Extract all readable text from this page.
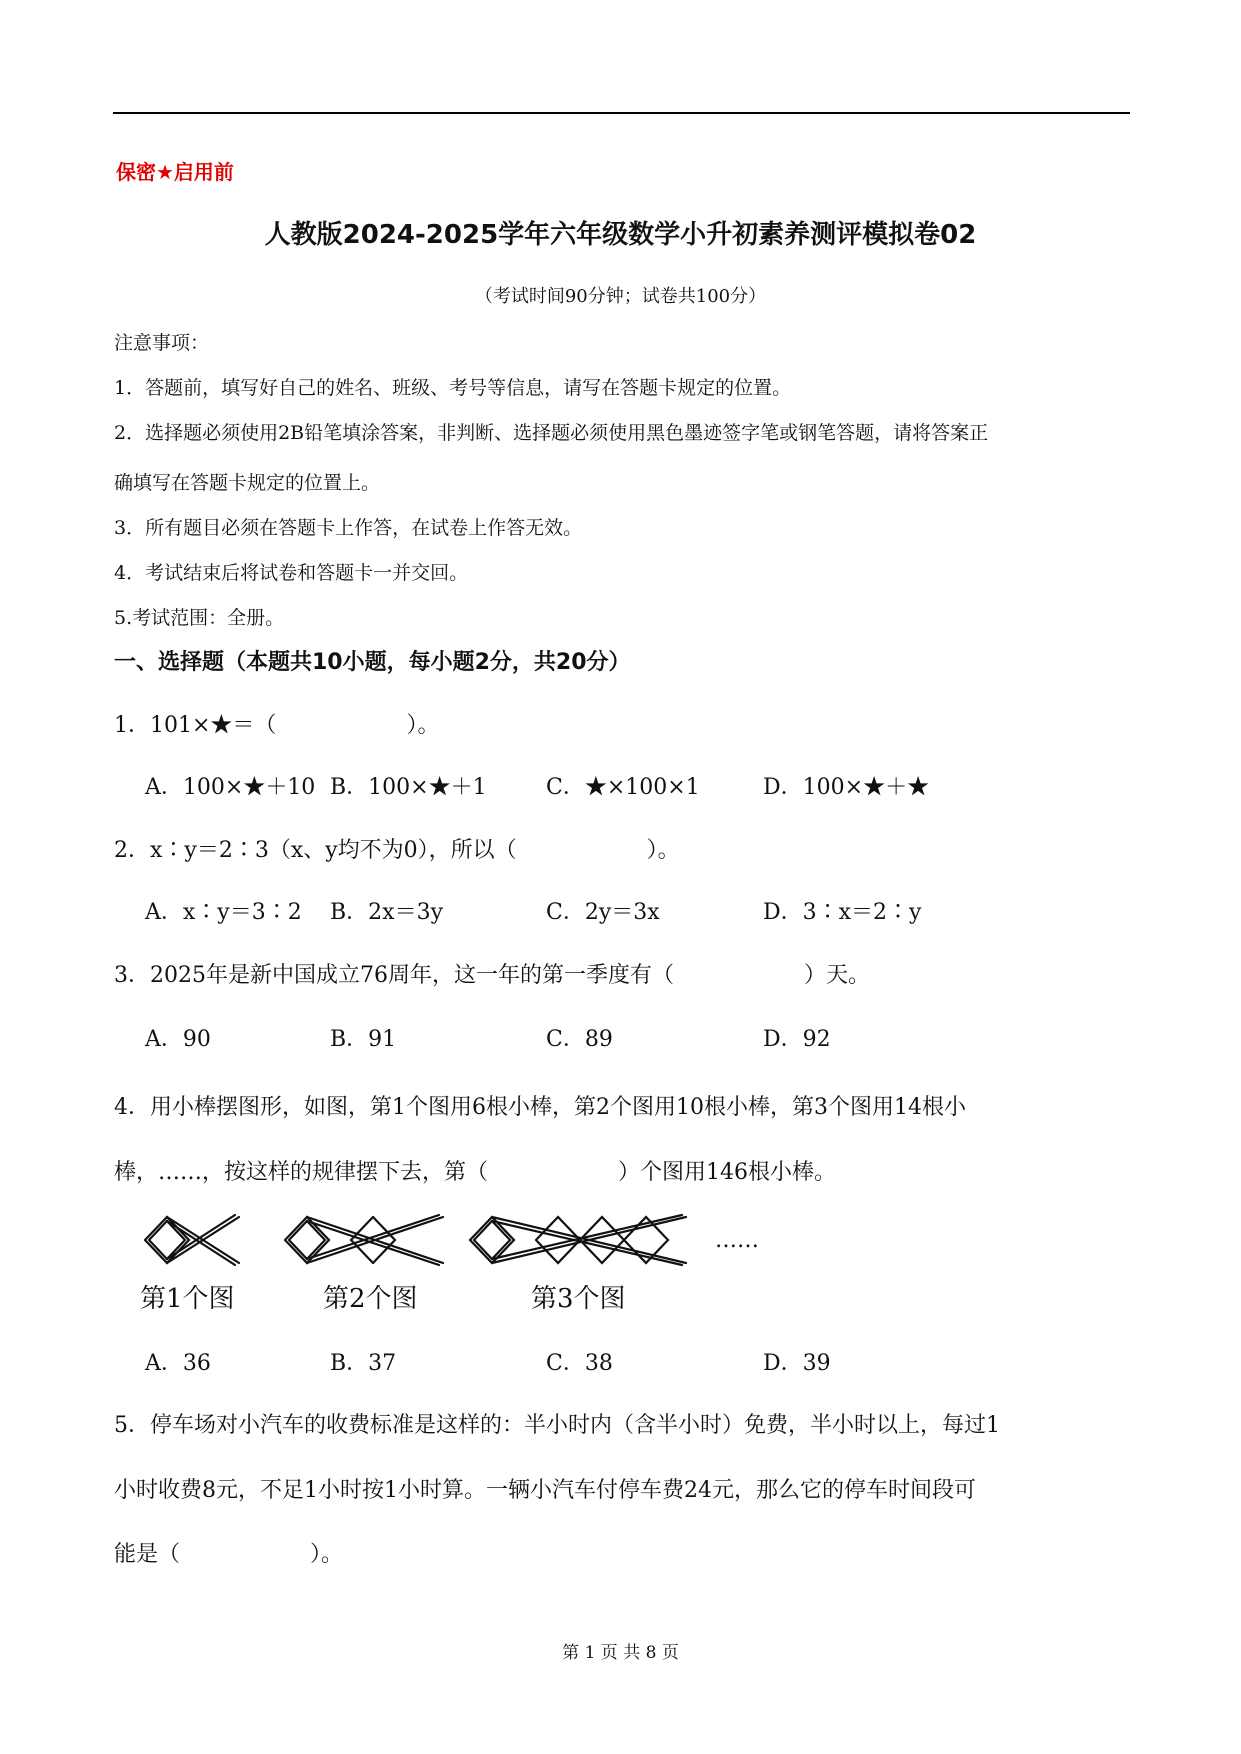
保密★启用前
人教版2024-2025学年六年级数学小升初素养测评模拟卷02
（考试时间90分钟；试卷共100分）
注意事项：
1．答题前，填写好自己的姓名、班级、考号等信息，请写在答题卡规定的位置。
2．选择题必须使用2B铅笔填涂答案，非判断、选择题必须使用黑色墨迹签字笔或钢笔答题，请将答案正
确填写在答题卡规定的位置上。
3．所有题目必须在答题卡上作答，在试卷上作答无效。
4．考试结束后将试卷和答题卡一并交回。
5.考试范围：全册。
一、选择题（本题共10小题，每小题2分，共20分）
1．101×★＝（	）。
A．100×★＋10 B．100×★＋1	C．★×100×1	D．100×★＋★
2．x∶y＝2∶3（x、y均不为0），所以（	）。
A．x∶y＝3∶2 B．2x＝3y	C．2y＝3x	D．3∶x＝2∶y
3．2025年是新中国成立76周年，这一年的第一季度有（	）天。
A．90	B．91	C．89	D．92
4．用小棒摆图形，如图，第1个图用6根小棒，第2个图用10根小棒，第3个图用14根小
棒，……，按这样的规律摆下去，第（	）个图用146根小棒。
……
第1个图	第2个图	第3个图
A．36	B．37	C．38	D．39
5．停车场对小汽车的收费标准是这样的：半小时内（含半小时）免费，半小时以上，每过1
小时收费8元，不足1小时按1小时算。一辆小汽车付停车费24元，那么它的停车时间段可
能是（	）。
第 1 页 共 8 页
